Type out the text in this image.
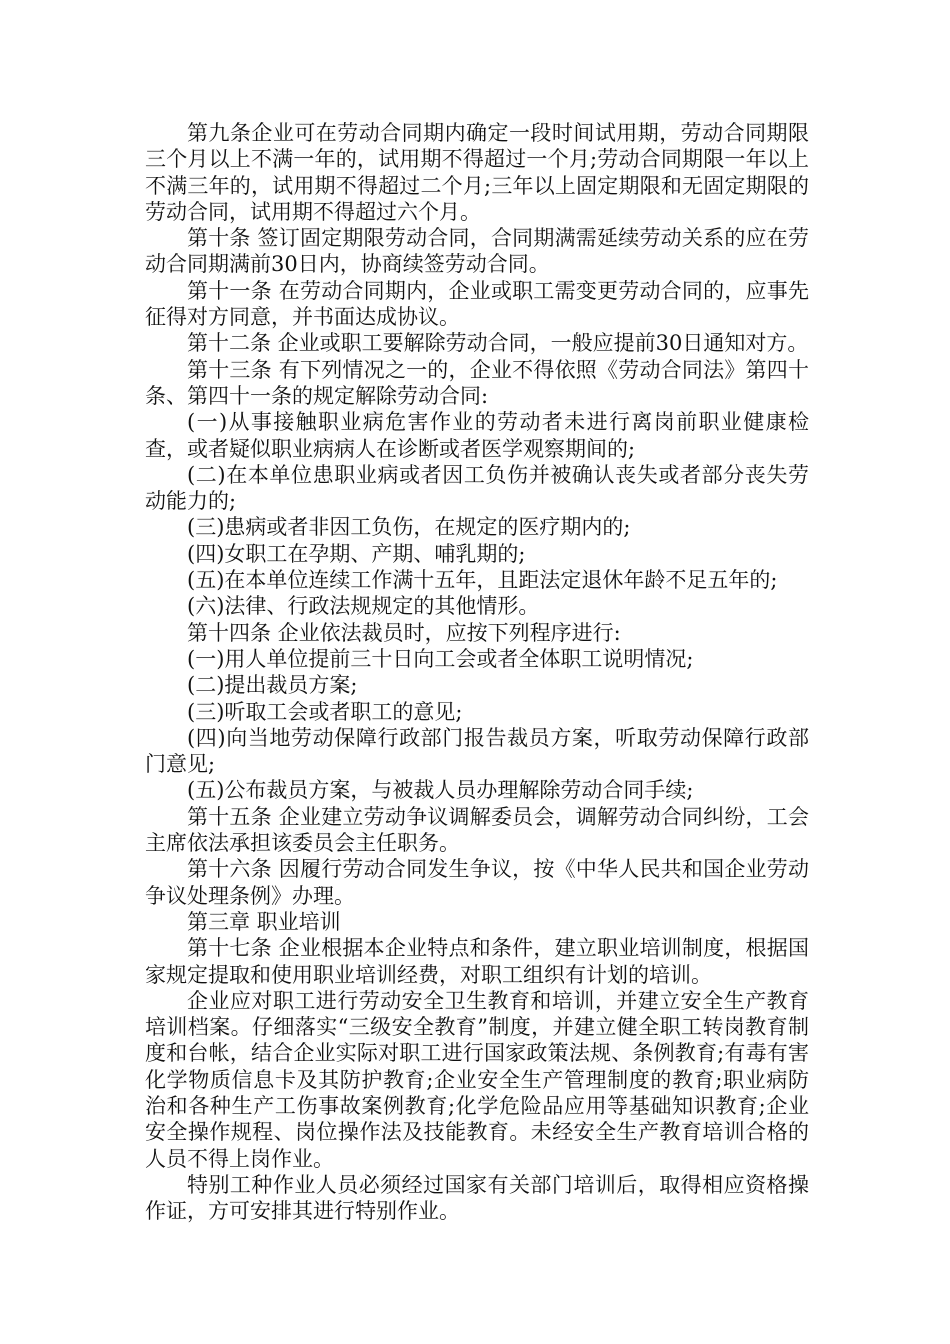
第九条企业可在劳动合同期内确定一段时间试用期，劳动合同期限三个月以上不满一年的，试用期不得超过一个月;劳动合同期限一年以上不满三年的，试用期不得超过二个月;三年以上固定期限和无固定期限的劳动合同，试用期不得超过六个月。

第十条 签订固定期限劳动合同，合同期满需延续劳动关系的应在劳动合同期满前30日内，协商续签劳动合同。

第十一条 在劳动合同期内，企业或职工需变更劳动合同的，应事先征得对方同意，并书面达成协议。

第十二条 企业或职工要解除劳动合同，一般应提前30日通知对方。

第十三条 有下列情况之一的，企业不得依照《劳动合同法》第四十条、第四十一条的规定解除劳动合同:

(一)从事接触职业病危害作业的劳动者未进行离岗前职业健康检查，或者疑似职业病病人在诊断或者医学观察期间的;

(二)在本单位患职业病或者因工负伤并被确认丧失或者部分丧失劳动能力的;

(三)患病或者非因工负伤，在规定的医疗期内的;

(四)女职工在孕期、产期、哺乳期的;

(五)在本单位连续工作满十五年，且距法定退休年龄不足五年的;

(六)法律、行政法规规定的其他情形。

第十四条 企业依法裁员时，应按下列程序进行:

(一)用人单位提前三十日向工会或者全体职工说明情况;

(二)提出裁员方案;

(三)听取工会或者职工的意见;

(四)向当地劳动保障行政部门报告裁员方案，听取劳动保障行政部门意见;

(五)公布裁员方案，与被裁人员办理解除劳动合同手续;

第十五条 企业建立劳动争议调解委员会，调解劳动合同纠纷，工会主席依法承担该委员会主任职务。

第十六条 因履行劳动合同发生争议，按《中华人民共和国企业劳动争议处理条例》办理。

第三章 职业培训

第十七条 企业根据本企业特点和条件，建立职业培训制度，根据国家规定提取和使用职业培训经费，对职工组织有计划的培训。

企业应对职工进行劳动安全卫生教育和培训，并建立安全生产教育培训档案。仔细落实“三级安全教育”制度，并建立健全职工转岗教育制度和台帐，结合企业实际对职工进行国家政策法规、条例教育;有毒有害化学物质信息卡及其防护教育;企业安全生产管理制度的教育;职业病防治和各种生产工伤事故案例教育;化学危险品应用等基础知识教育;企业安全操作规程、岗位操作法及技能教育。未经安全生产教育培训合格的人员不得上岗作业。

特别工种作业人员必须经过国家有关部门培训后，取得相应资格操作证，方可安排其进行特别作业。
